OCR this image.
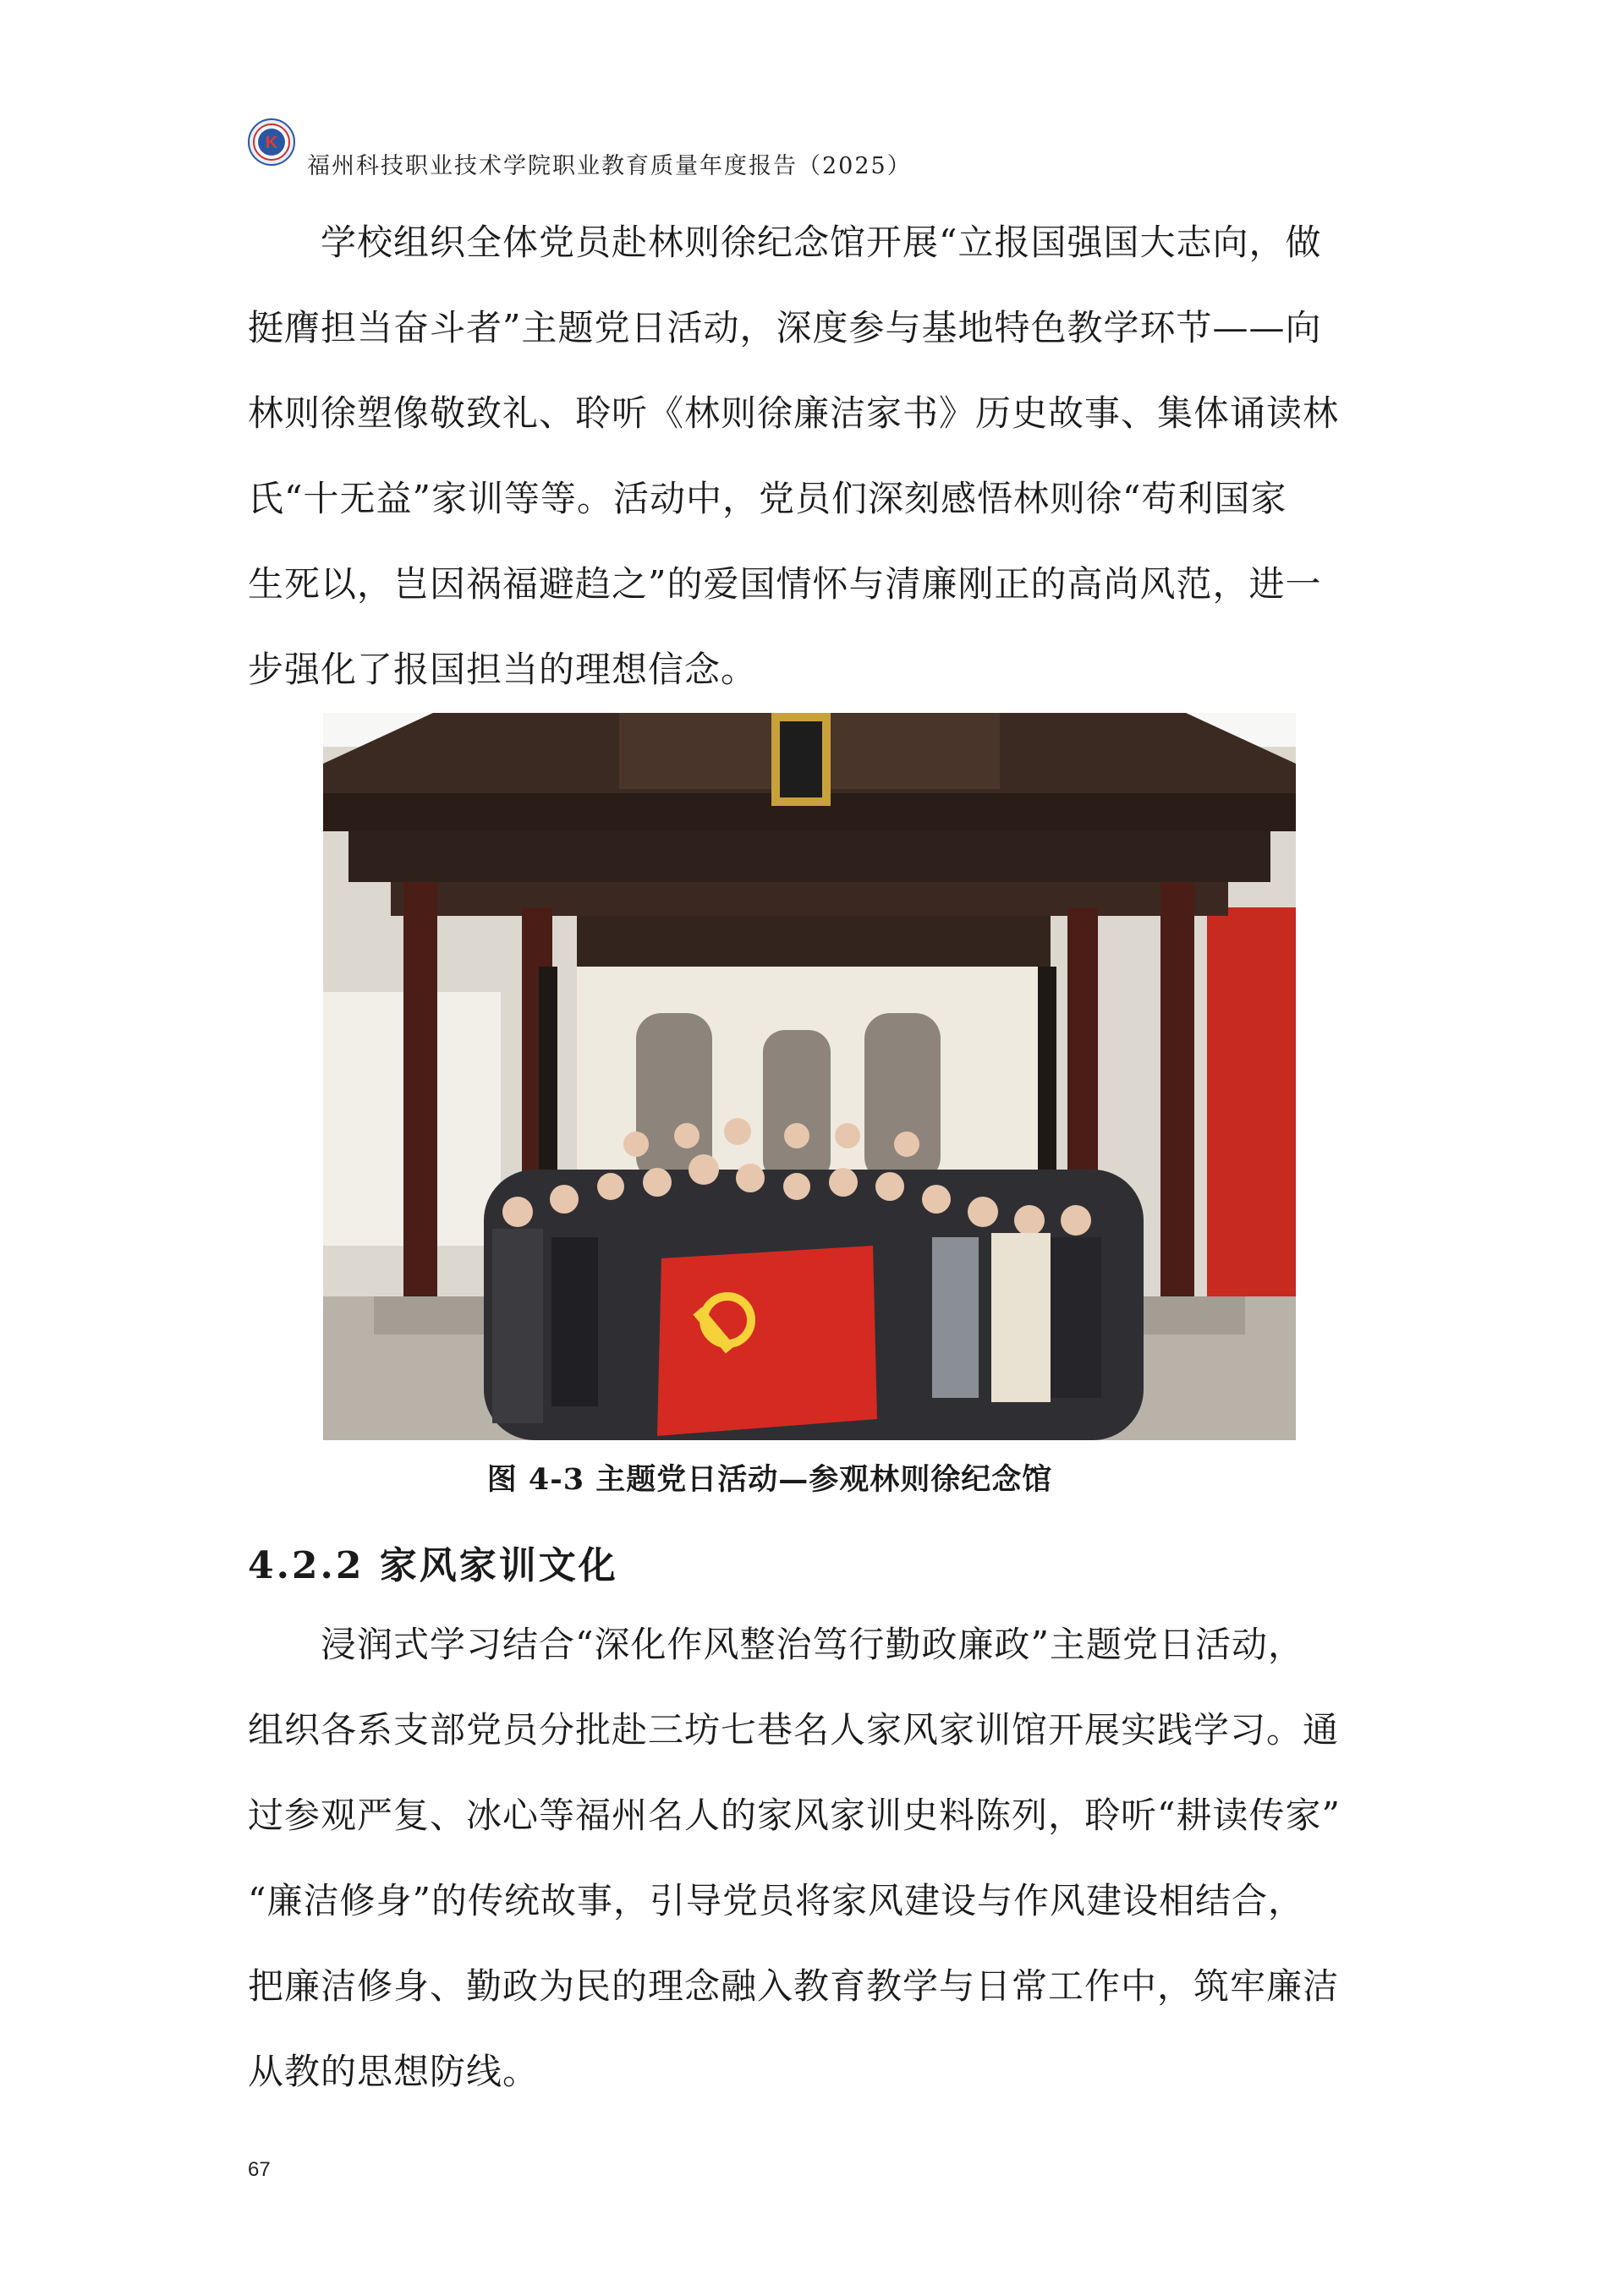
K
福州科技职业技术学院职业教育质量年度报告（2025）
学校组织全体党员赴林则徐纪念馆开展“立报国强国大志向，做
挺膺担当奋斗者”主题党日活动，深度参与基地特色教学环节——向
林则徐塑像敬致礼、聆听《林则徐廉洁家书》历史故事、集体诵读林
氏“十无益”家训等等。活动中，党员们深刻感悟林则徐“苟利国家
生死以，岂因祸福避趋之”的爱国情怀与清廉刚正的高尚风范，进一
步强化了报国担当的理想信念。
图 4-3 主题党日活动—参观林则徐纪念馆
4.2.2 家风家训文化
浸润式学习结合“深化作风整治笃行勤政廉政”主题党日活动，
组织各系支部党员分批赴三坊七巷名人家风家训馆开展实践学习。通
过参观严复、冰心等福州名人的家风家训史料陈列，聆听“耕读传家”
“廉洁修身”的传统故事，引导党员将家风建设与作风建设相结合，
把廉洁修身、勤政为民的理念融入教育教学与日常工作中，筑牢廉洁
从教的思想防线。
67
